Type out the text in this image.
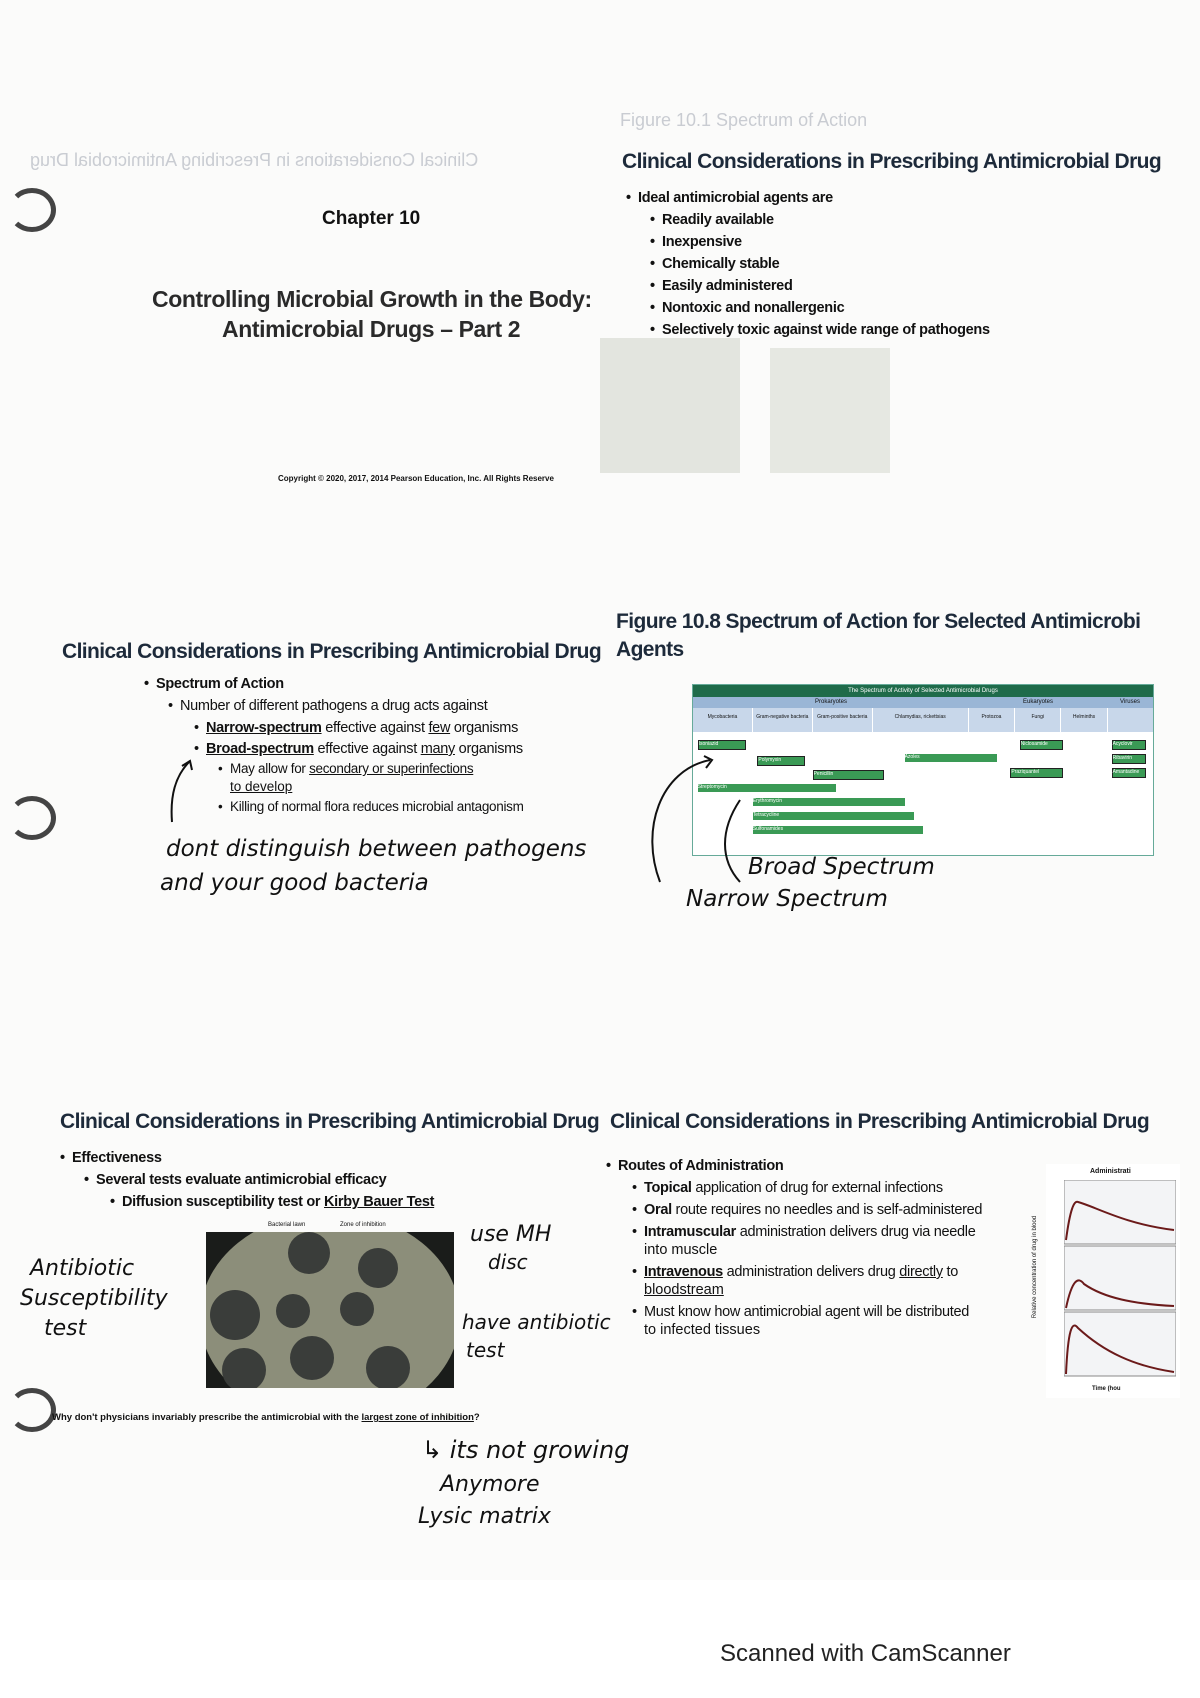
Clinical Considerations in Prescribing Antimicrobial Drug
Figure 10.1 Spectrum of Action
Chapter 10
Controlling Microbial Growth in the Body:
Antimicrobial Drugs – Part 2
Copyright © 2020, 2017, 2014 Pearson Education, Inc. All Rights Reserve
Clinical Considerations in Prescribing Antimicrobial Drug
• Ideal antimicrobial agents are
• Readily available
• Inexpensive
• Chemically stable
• Easily administered
• Nontoxic and nonallergenic
• Selectively toxic against wide range of pathogens
Clinical Considerations in Prescribing Antimicrobial Drug
• Spectrum of Action
• Number of different pathogens a drug acts against
• Narrow-spectrum effective against few organisms
• Broad-spectrum effective against many organisms
• May allow for secondary or superinfections
to develop
• Killing of normal flora reduces microbial antagonism
dont distinguish between pathogens
and your good bacteria
Figure 10.8 Spectrum of Action for Selected Antimicrobi
Agents
The Spectrum of Activity of Selected Antimicrobial Drugs
Prokaryotes	Eukaryotes	Viruses
Mycobacteria	Gram-negative bacteria	Gram-positive bacteria	Chlamydias, rickettsias	Protozoa	Fungi	Helminths
Isoniazid
Polymyxin
Penicillin
Streptomycin
Erythromycin
Tetracycline
Sulfonamides
Azoles
Niclosamide
Praziquantel
Acyclovir
Ribavirin
Amantadine
Broad Spectrum
Narrow Spectrum
Clinical Considerations in Prescribing Antimicrobial Drug
• Effectiveness
• Several tests evaluate antimicrobial efficacy
• Diffusion susceptibility test or Kirby Bauer Test
Bacterial lawn	Zone of inhibition
Why don't physicians invariably prescribe the antimicrobial with the largest zone of inhibition?
Antibiotic
Susceptibility
test
use MH
disc
have antibiotic
test
↳ its not growing
Anymore
Lysic matrix
Clinical Considerations in Prescribing Antimicrobial Drug
• Routes of Administration
• Topical application of drug for external infections
• Oral route requires no needles and is self-administered
• Intramuscular administration delivers drug via needle
into muscle
• Intravenous administration delivers drug directly to
bloodstream
• Must know how antimicrobial agent will be distributed
to infected tissues
Administrati
Relative concentration of drug in blood
Time (hou
Scanned with CamScanner
